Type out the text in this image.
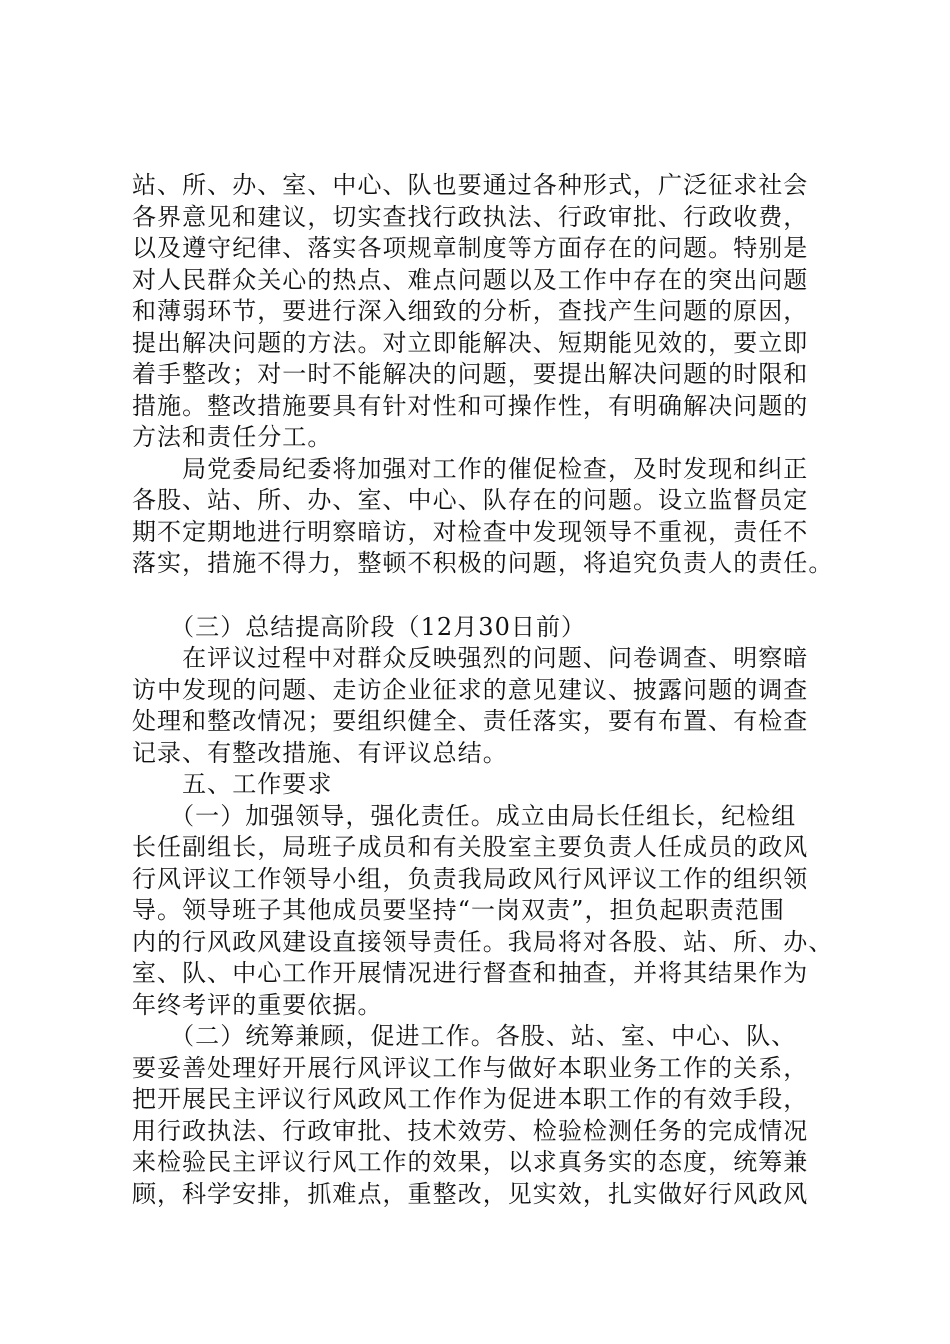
站、所、办、室、中心、队也要通过各种形式，广泛征求社会
各界意见和建议，切实查找行政执法、行政审批、行政收费，
以及遵守纪律、落实各项规章制度等方面存在的问题。特别是
对人民群众关心的热点、难点问题以及工作中存在的突出问题
和薄弱环节，要进行深入细致的分析，查找产生问题的原因，
提出解决问题的方法。对立即能解决、短期能见效的，要立即
着手整改；对一时不能解决的问题，要提出解决问题的时限和
措施。整改措施要具有针对性和可操作性，有明确解决问题的
方法和责任分工。
　　局党委局纪委将加强对工作的催促检查，及时发现和纠正
各股、站、所、办、室、中心、队存在的问题。设立监督员定
期不定期地进行明察暗访，对检查中发现领导不重视，责任不
落实，措施不得力，整顿不积极的问题，将追究负责人的责任。
　　（三）总结提高阶段（12月30日前）
　　在评议过程中对群众反映强烈的问题、问卷调查、明察暗
访中发现的问题、走访企业征求的意见建议、披露问题的调查
处理和整改情况；要组织健全、责任落实，要有布置、有检查
记录、有整改措施、有评议总结。
　　五、工作要求
　　（一）加强领导，强化责任。成立由局长任组长，纪检组
长任副组长，局班子成员和有关股室主要负责人任成员的政风
行风评议工作领导小组，负责我局政风行风评议工作的组织领
导。领导班子其他成员要坚持“一岗双责”，担负起职责范围
内的行风政风建设直接领导责任。我局将对各股、站、所、办、
室、队、中心工作开展情况进行督查和抽查，并将其结果作为
年终考评的重要依据。
　　（二）统筹兼顾，促进工作。各股、站、室、中心、队、
要妥善处理好开展行风评议工作与做好本职业务工作的关系，
把开展民主评议行风政风工作作为促进本职工作的有效手段，
用行政执法、行政审批、技术效劳、检验检测任务的完成情况
来检验民主评议行风工作的效果，以求真务实的态度，统筹兼
顾，科学安排，抓难点，重整改，见实效，扎实做好行风政风
